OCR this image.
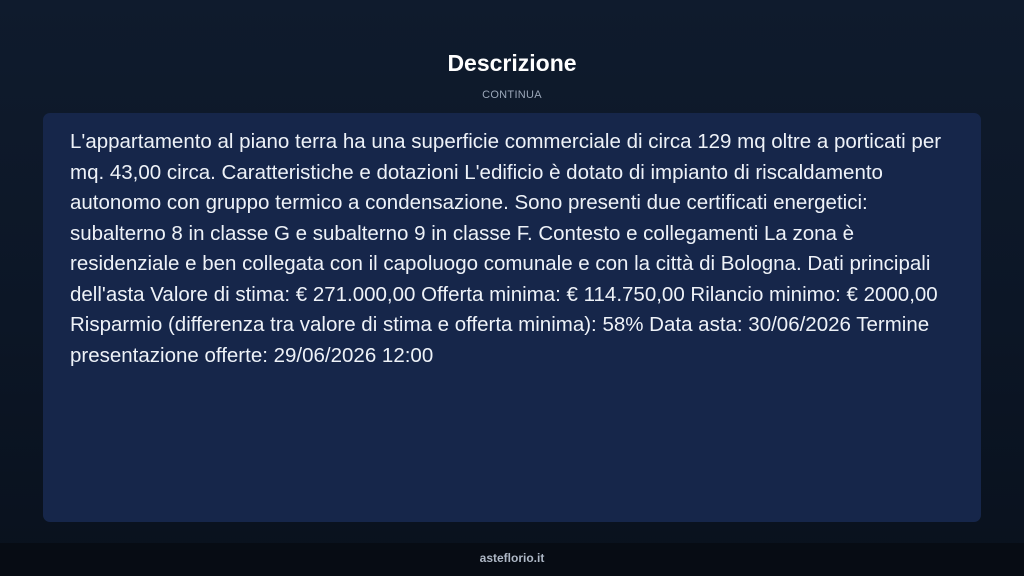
Descrizione
CONTINUA

L'appartamento al piano terra ha una superficie commerciale di circa 129 mq oltre a porticati per mq. 43,00 circa. Caratteristiche e dotazioni L'edificio è dotato di impianto di riscaldamento autonomo con gruppo termico a condensazione. Sono presenti due certificati energetici: subalterno 8 in classe G e subalterno 9 in classe F. Contesto e collegamenti La zona è residenziale e ben collegata con il capoluogo comunale e con la città di Bologna. Dati principali dell'asta Valore di stima: € 271.000,00 Offerta minima: € 114.750,00 Rilancio minimo: € 2000,00 Risparmio (differenza tra valore di stima e offerta minima): 58% Data asta: 30/06/2026 Termine presentazione offerte: 29/06/2026 12:00

asteflorio.it
